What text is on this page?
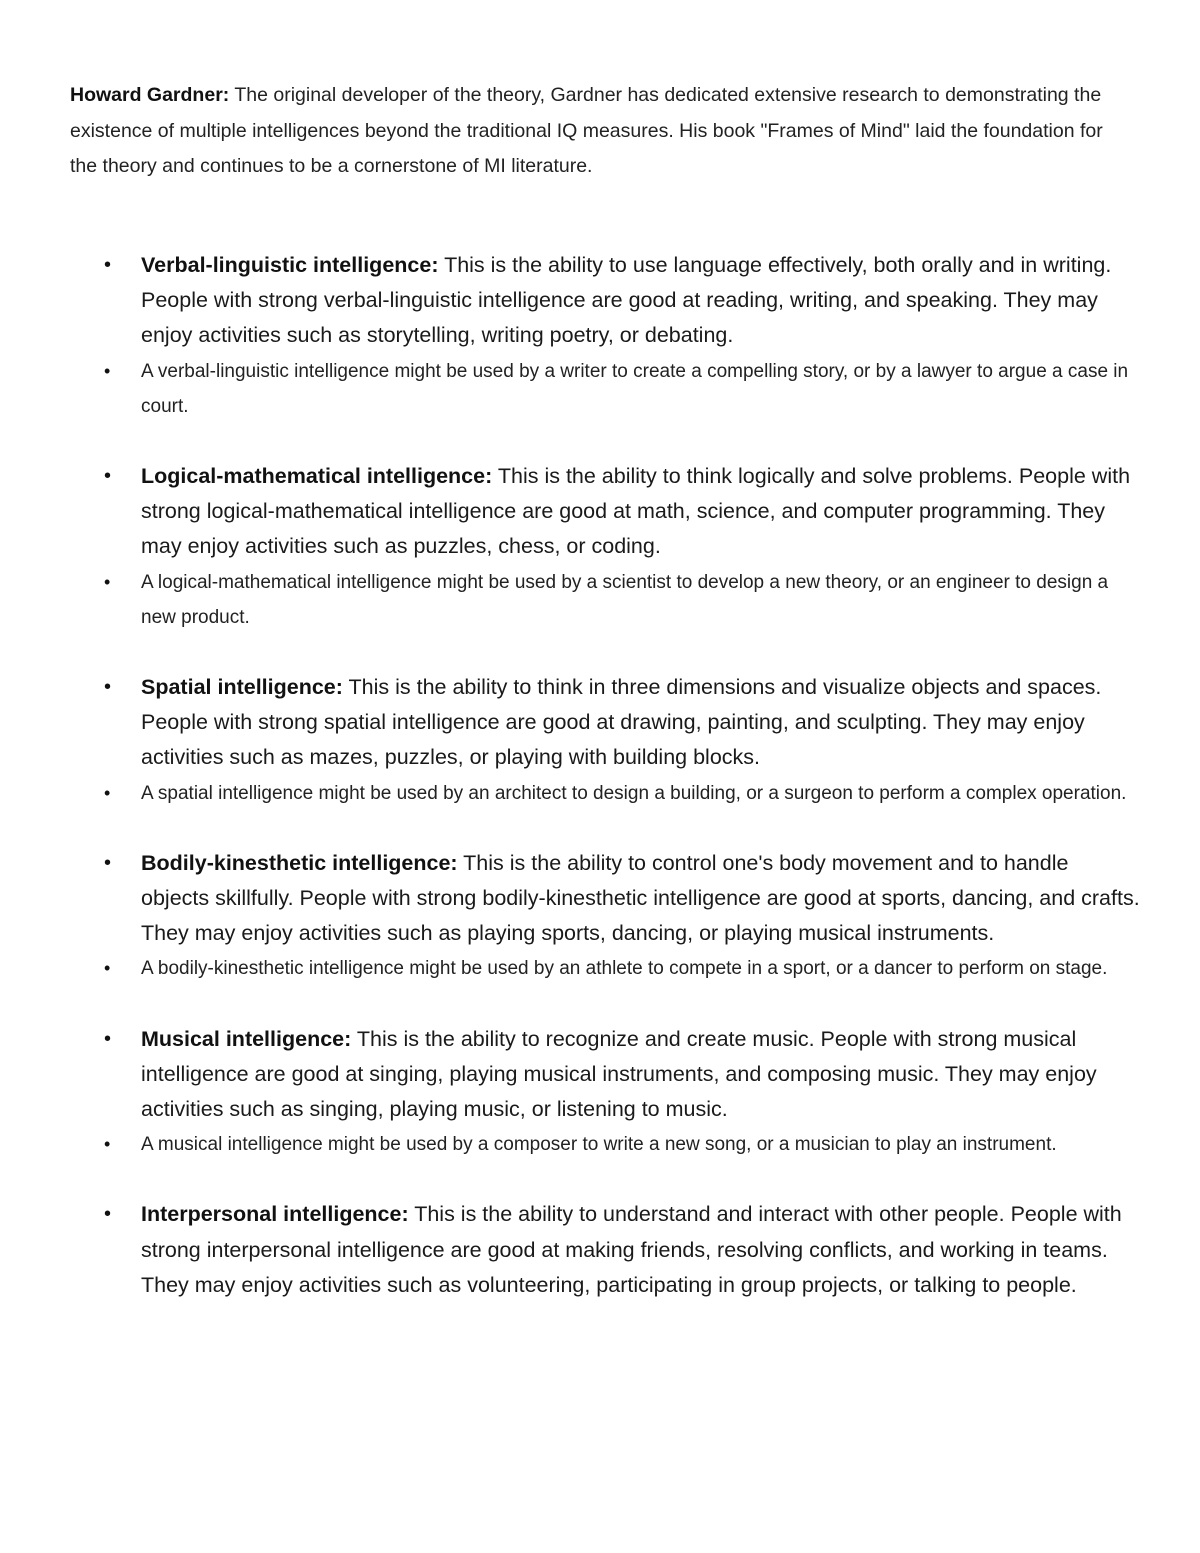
Howard Gardner: The original developer of the theory, Gardner has dedicated extensive research to demonstrating the existence of multiple intelligences beyond the traditional IQ measures. His book "Frames of Mind" laid the foundation for the theory and continues to be a cornerstone of MI literature.

• Verbal-linguistic intelligence: This is the ability to use language effectively, both orally and in writing. People with strong verbal-linguistic intelligence are good at reading, writing, and speaking. They may enjoy activities such as storytelling, writing poetry, or debating.
• A verbal-linguistic intelligence might be used by a writer to create a compelling story, or by a lawyer to argue a case in court.
• Logical-mathematical intelligence: This is the ability to think logically and solve problems. People with strong logical-mathematical intelligence are good at math, science, and computer programming. They may enjoy activities such as puzzles, chess, or coding.
• A logical-mathematical intelligence might be used by a scientist to develop a new theory, or an engineer to design a new product.
• Spatial intelligence: This is the ability to think in three dimensions and visualize objects and spaces. People with strong spatial intelligence are good at drawing, painting, and sculpting. They may enjoy activities such as mazes, puzzles, or playing with building blocks.
• A spatial intelligence might be used by an architect to design a building, or a surgeon to perform a complex operation.
• Bodily-kinesthetic intelligence: This is the ability to control one's body movement and to handle objects skillfully. People with strong bodily-kinesthetic intelligence are good at sports, dancing, and crafts. They may enjoy activities such as playing sports, dancing, or playing musical instruments.
• A bodily-kinesthetic intelligence might be used by an athlete to compete in a sport, or a dancer to perform on stage.
• Musical intelligence: This is the ability to recognize and create music. People with strong musical intelligence are good at singing, playing musical instruments, and composing music. They may enjoy activities such as singing, playing music, or listening to music.
• A musical intelligence might be used by a composer to write a new song, or a musician to play an instrument.
• Interpersonal intelligence: This is the ability to understand and interact with other people. People with strong interpersonal intelligence are good at making friends, resolving conflicts, and working in teams. They may enjoy activities such as volunteering, participating in group projects, or talking to people.
